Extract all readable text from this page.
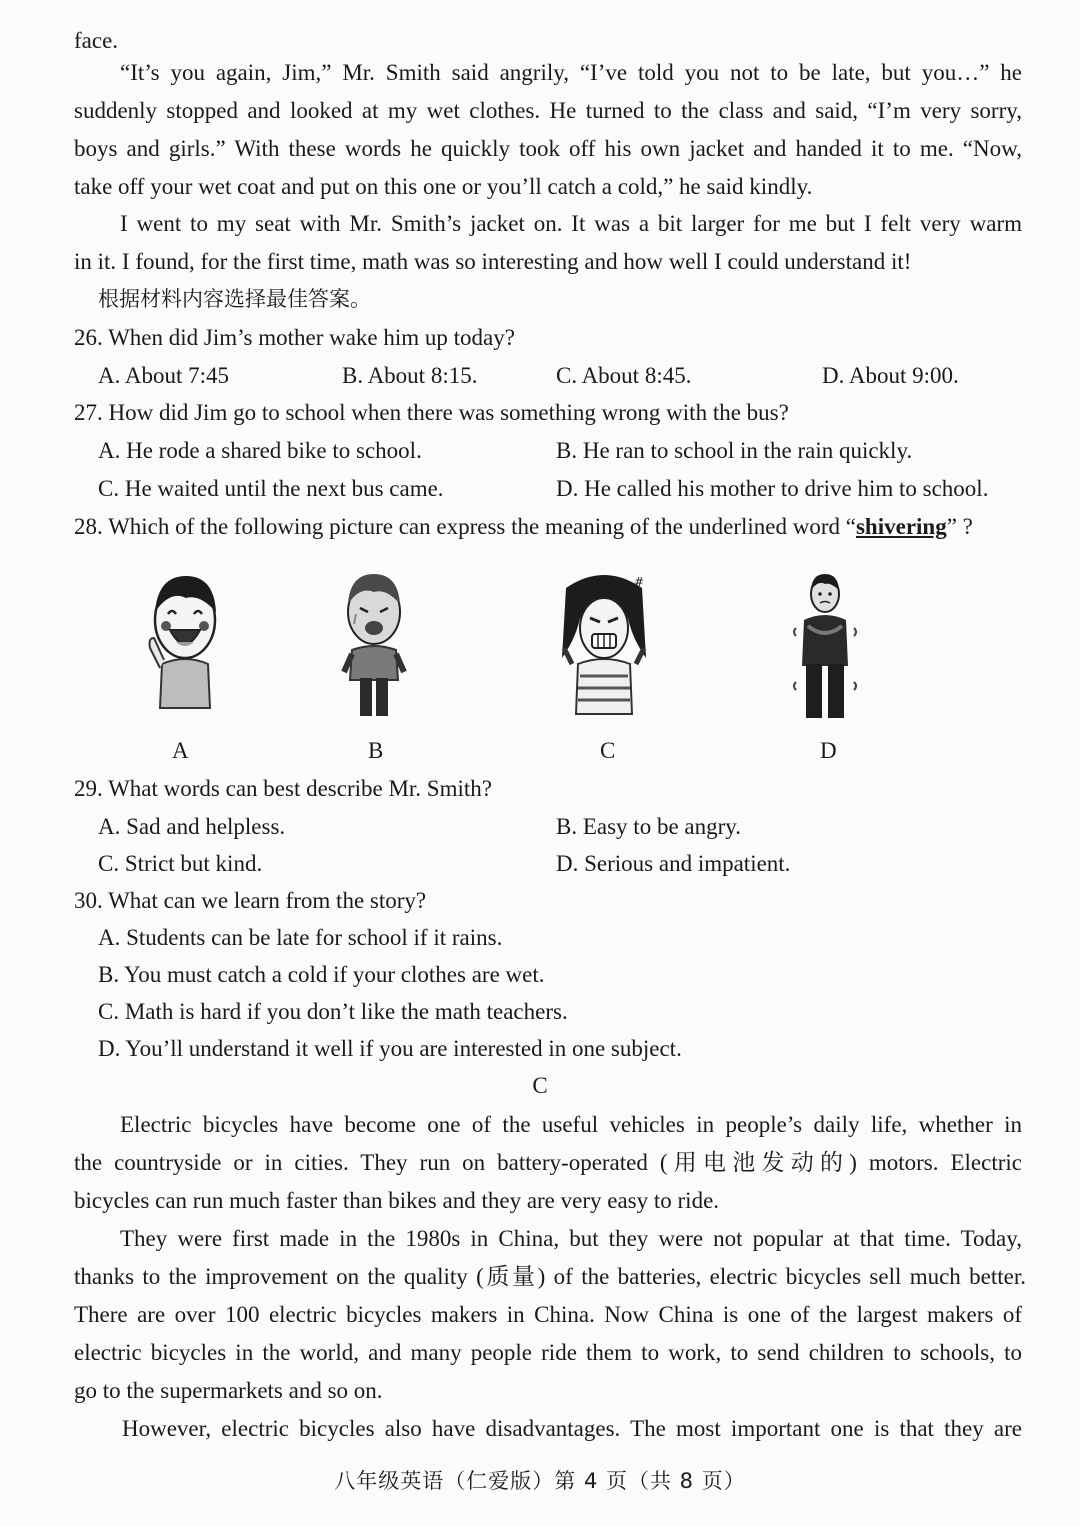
face.
“It’s you again, Jim,” Mr. Smith said angrily, “I’ve told you not to be late, but you…” he
suddenly stopped and looked at my wet clothes. He turned to the class and said, “I’m very sorry,
boys and girls.” With these words he quickly took off his own jacket and handed it to me. “Now,
take off your wet coat and put on this one or you’ll catch a cold,” he said kindly.
I went to my seat with Mr. Smith’s jacket on. It was a bit larger for me but I felt very warm
in it. I found, for the first time, math was so interesting and how well I could understand it!
根据材料内容选择最佳答案。
26. When did Jim’s mother wake him up today?
A. About 7:45	B. About 8:15.	C. About 8:45.	D. About 9:00.
27. How did Jim go to school when there was something wrong with the bus?
A. He rode a shared bike to school.	B. He ran to school in the rain quickly.
C. He waited until the next bus came.	D. He called his mother to drive him to school.
28. Which of the following picture can express the meaning of the underlined word “shivering” ?
#
A	B	C	D
29. What words can best describe Mr. Smith?
A. Sad and helpless.	B. Easy to be angry.
C. Strict but kind.	D. Serious and impatient.
30. What can we learn from the story?
A. Students can be late for school if it rains.
B. You must catch a cold if your clothes are wet.
C. Math is hard if you don’t like the math teachers.
D. You’ll understand it well if you are interested in one subject.
C
Electric bicycles have become one of the useful vehicles in people’s daily life, whether in
the countryside or in cities. They run on battery-operated (用电池发动的) motors. Electric
bicycles can run much faster than bikes and they are very easy to ride.
They were first made in the 1980s in China, but they were not popular at that time. Today,
thanks to the improvement on the quality (质量) of the batteries, electric bicycles sell much better.
There are over 100 electric bicycles makers in China. Now China is one of the largest makers of
electric bicycles in the world, and many people ride them to work, to send children to schools, to
go to the supermarkets and so on.
However, electric bicycles also have disadvantages. The most important one is that they are
八年级英语（仁爱版）第 4 页（共 8 页）
